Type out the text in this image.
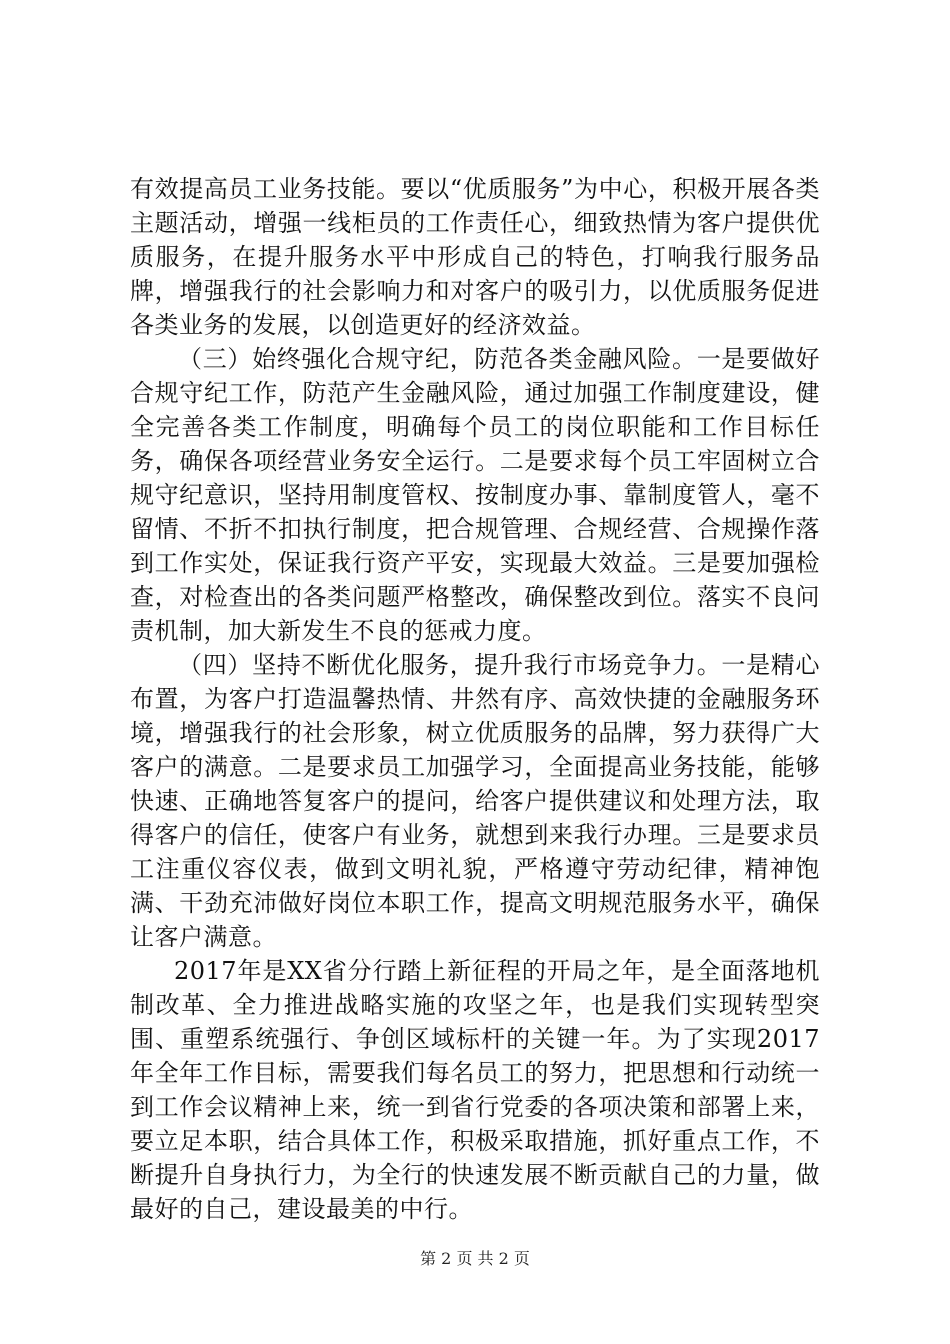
有效提高员工业务技能。要以“优质服务”为中心，积极开展各类主题活动，增强一线柜员的工作责任心，细致热情为客户提供优质服务，在提升服务水平中形成自己的特色，打响我行服务品牌，增强我行的社会影响力和对客户的吸引力，以优质服务促进各类业务的发展，以创造更好的经济效益。

（三）始终强化合规守纪，防范各类金融风险。一是要做好合规守纪工作，防范产生金融风险，通过加强工作制度建设，健全完善各类工作制度，明确每个员工的岗位职能和工作目标任务，确保各项经营业务安全运行。二是要求每个员工牢固树立合规守纪意识，坚持用制度管权、按制度办事、靠制度管人，毫不留情、不折不扣执行制度，把合规管理、合规经营、合规操作落到工作实处，保证我行资产平安，实现最大效益。三是要加强检查，对检查出的各类问题严格整改，确保整改到位。落实不良问责机制，加大新发生不良的惩戒力度。

（四）坚持不断优化服务，提升我行市场竞争力。一是精心布置，为客户打造温馨热情、井然有序、高效快捷的金融服务环境，增强我行的社会形象，树立优质服务的品牌，努力获得广大客户的满意。二是要求员工加强学习，全面提高业务技能，能够快速、正确地答复客户的提问，给客户提供建议和处理方法，取得客户的信任，使客户有业务，就想到来我行办理。三是要求员工注重仪容仪表，做到文明礼貌，严格遵守劳动纪律，精神饱满、干劲充沛做好岗位本职工作，提高文明规范服务水平，确保让客户满意。

2017年是XX省分行踏上新征程的开局之年，是全面落地机制改革、全力推进战略实施的攻坚之年，也是我们实现转型突围、重塑系统强行、争创区域标杆的关键一年。为了实现2017年全年工作目标，需要我们每名员工的努力，把思想和行动统一到工作会议精神上来，统一到省行党委的各项决策和部署上来，要立足本职，结合具体工作，积极采取措施，抓好重点工作，不断提升自身执行力，为全行的快速发展不断贡献自己的力量，做最好的自己，建设最美的中行。

第 2 页 共 2 页
